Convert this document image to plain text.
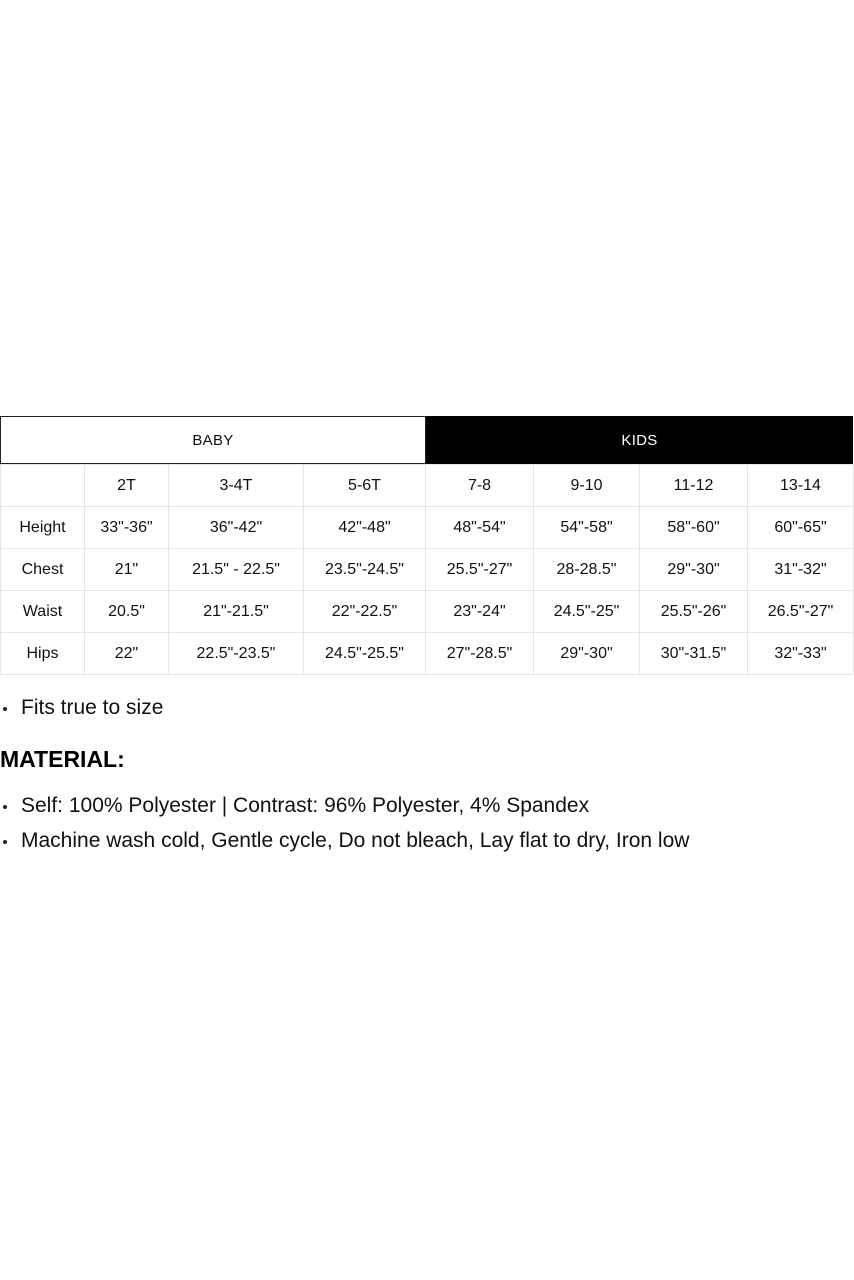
BABY	KIDS
	2T	3-4T	5-6T	7-8	9-10	11-12	13-14
Height	33"-36"	36"-42"	42"-48"	48"-54"	54"-58"	58"-60"	60"-65"
Chest	21"	21.5" - 22.5"	23.5"-24.5"	25.5"-27"	28-28.5"	29"-30"	31"-32"
Waist	20.5"	21"-21.5"	22"-22.5"	23"-24"	24.5"-25"	25.5"-26"	26.5"-27"
Hips	22"	22.5"-23.5"	24.5"-25.5"	27"-28.5"	29"-30"	30"-31.5"	32"-33"
Fits true to size
MATERIAL:
Self: 100% Polyester | Contrast: 96% Polyester, 4% Spandex
Machine wash cold, Gentle cycle, Do not bleach, Lay flat to dry, Iron low
